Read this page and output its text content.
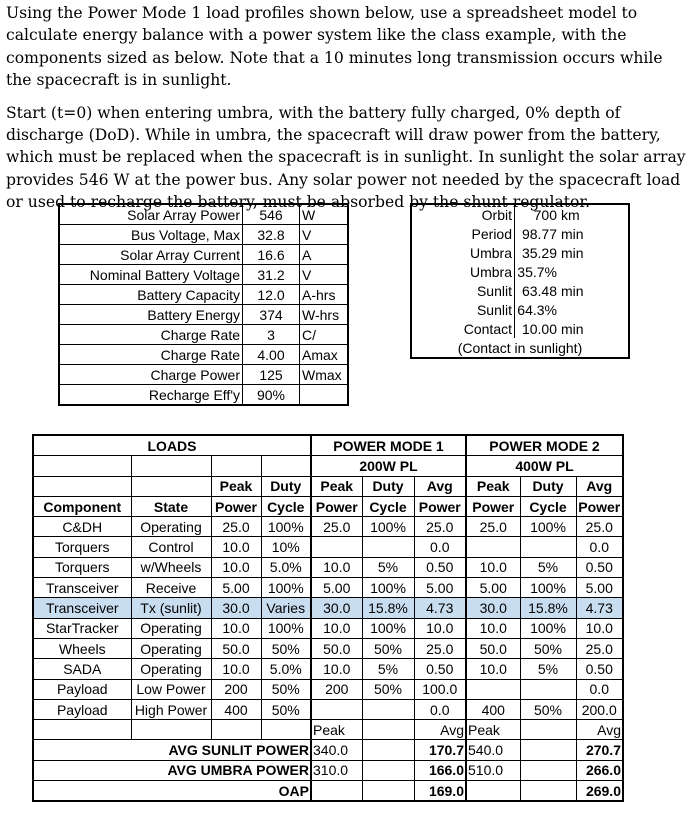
Using the Power Mode 1 load profiles shown below, use a spreadsheet model to calculate energy balance with a power system like the class example, with the components sized as below. Note that a 10 minutes long transmission occurs while the spacecraft is in sunlight.

Start (t=0) when entering umbra, with the battery fully charged, 0% depth of discharge (DoD). While in umbra, the spacecraft will draw power from the battery, which must be replaced when the spacecraft is in sunlight. In sunlight the solar array provides 546 W at the power bus. Any solar power not needed by the spacecraft load or used to recharge the battery, must be absorbed by the shunt regulator.

Solar Array Power	546	W
Bus Voltage, Max	32.8	V
Solar Array Current	16.6	A
Nominal Battery Voltage	31.2	V
Battery Capacity	12.0	A-hrs
Battery Energy	374	W-hrs
Charge Rate	3	C/
Charge Rate	4.00	Amax
Charge Power	125	Wmax
Recharge Eff'y	90%	
Orbit	700	km
Period	98.77	min
Umbra	35.29	min
Umbra	35.7%	
Sunlit	63.48	min
Sunlit	64.3%	
Contact	10.00	min
(Contact in sunlight)		
LOADS				POWER MODE 1			POWER MODE 2		
				200W PL			400W PL		
		Peak	Duty	Peak	Duty	Avg	Peak	Duty	Avg
Component	State	Power	Cycle	Power	Cycle	Power	Power	Cycle	Power
C&DH	Operating	25.0	100%	25.0	100%	25.0	25.0	100%	25.0
Torquers	Control	10.0	10%			0.0			0.0
Torquers	w/Wheels	10.0	5.0%	10.0	5%	0.50	10.0	5%	0.50
Transceiver	Receive	5.00	100%	5.00	100%	5.00	5.00	100%	5.00
Transceiver	Tx (sunlit)	30.0	Varies	30.0	15.8%	4.73	30.0	15.8%	4.73
StarTracker	Operating	10.0	100%	10.0	100%	10.0	10.0	100%	10.0
Wheels	Operating	50.0	50%	50.0	50%	25.0	50.0	50%	25.0
SADA	Operating	10.0	5.0%	10.0	5%	0.50	10.0	5%	0.50
Payload	Low Power	200	50%	200	50%	100.0			0.0
Payload	High Power	400	50%			0.0	400	50%	200.0
				Peak		Avg	Peak		Avg
AVG SUNLIT POWER				340.0		170.7	540.0		270.7
AVG UMBRA POWER				310.0		166.0	510.0		266.0
OAP						169.0			269.0
